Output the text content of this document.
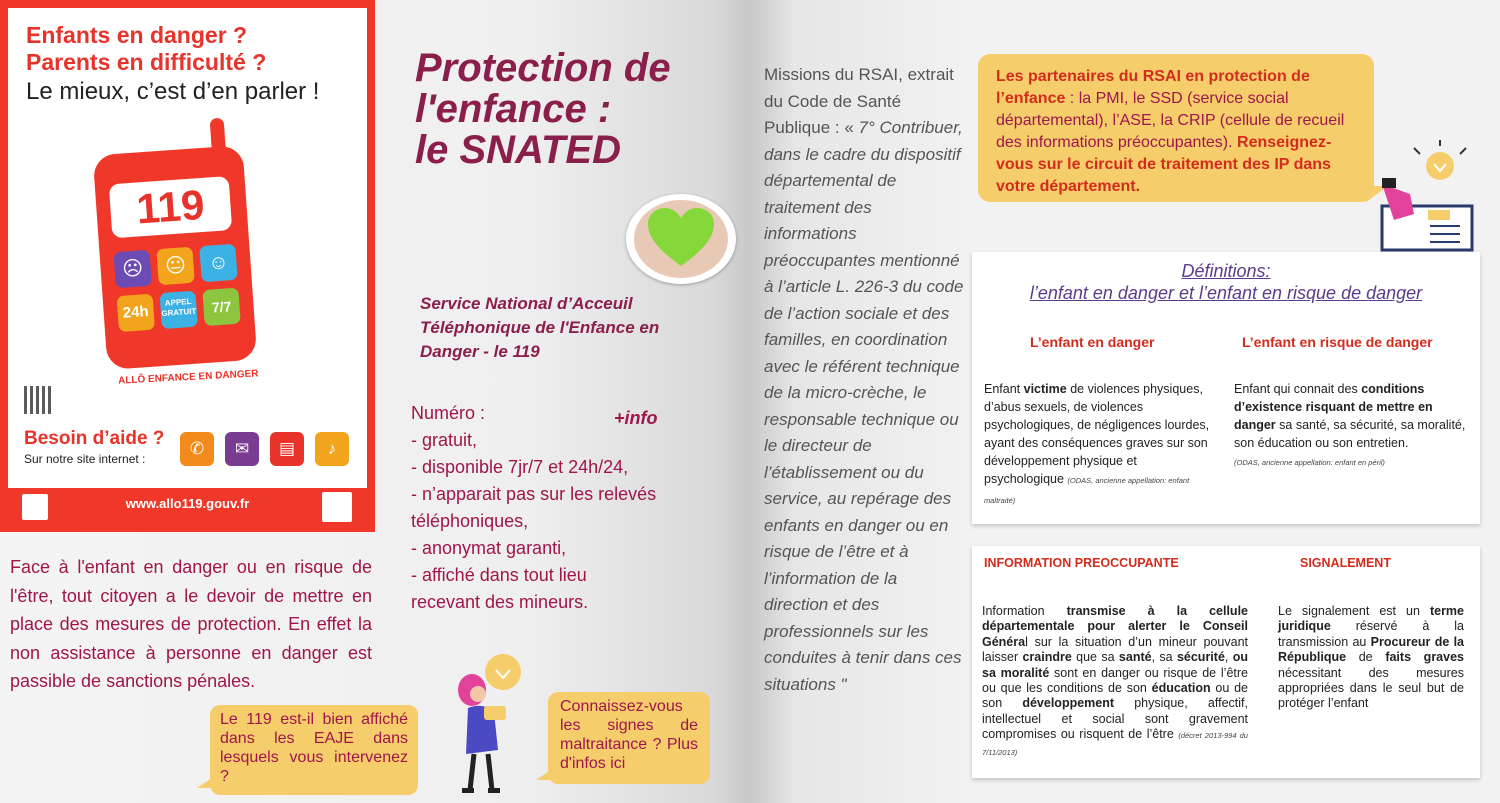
Enfants en danger ?
Parents en difficulté ?
Le mieux, c’est d’en parler !
119
☹	😐	☺
24h
APPEL GRATUIT	7/7
ALLÔ ENFANCE EN DANGER
Besoin d’aide ?
Sur notre site internet :
✆	✉	▤	♪
www.allo119.gouv.fr
Protection de
l'enfance :
le SNATED
Service National d’Acceuil Téléphonique de l'Enfance en Danger - le 119
Numéro :
- gratuit,
- disponible 7jr/7 et 24h/24,
- n’apparait pas sur les relevés
téléphoniques,
- anonymat garanti,
- affiché dans tout lieu
recevant des mineurs.
+info
Face à l'enfant en danger ou en risque de l'être, tout citoyen a le devoir de mettre en place des mesures de protection. En effet la non assistance à personne en danger est passible de sanctions pénales.
Le 119 est-il bien affiché dans les EAJE dans lesquels vous intervenez ?
Connaissez-vous les signes de maltraitance ? Plus d'infos ici
Missions du RSAI, extrait du Code de Santé Publique : « 7° Contribuer, dans le cadre du dispositif départemental de traitement des informations préoccupantes mentionné à l’article L. 226-3 du code de l’action sociale et des familles, en coordination avec le référent technique de la micro-crèche, le responsable technique ou le directeur de l’établissement ou du service, au repérage des enfants en danger ou en risque de l’être et à l’information de la direction et des professionnels sur les conduites à tenir dans ces situations "
Les partenaires du RSAI en protection de l’enfance : la PMI, le SSD (service social départemental), l’ASE, la CRIP (cellule de recueil des informations préoccupantes). Renseignez-vous sur le circuit de traitement des IP dans votre département.
Définitions:
l’enfant en danger et l’enfant en risque de danger
L’enfant en danger	L’enfant en risque de danger
Enfant victime de violences physiques, d’abus sexuels, de violences psychologiques, de négligences lourdes, ayant des conséquences graves sur son développement physique et psychologique (ODAS, ancienne appellation: enfant maltraité)
Enfant qui connait des conditions d’existence risquant de mettre en danger sa santé, sa sécurité, sa moralité, son éducation ou son entretien.
(ODAS, ancienne appellation: enfant en péril)
INFORMATION PREOCCUPANTE	SIGNALEMENT
Information transmise à la cellule départementale pour alerter le Conseil Général sur la situation d’un mineur pouvant laisser craindre que sa santé, sa sécurité, ou sa moralité sont en danger ou risque de l’être ou que les conditions de son éducation ou de son développement physique, affectif, intellectuel et social sont gravement compromises ou risquent de l’être (décret 2013-994 du 7/11/2013)
Le signalement est un terme juridique réservé à la transmission au Procureur de la République de faits graves nécessitant des mesures appropriées dans le seul but de protéger l’enfant
